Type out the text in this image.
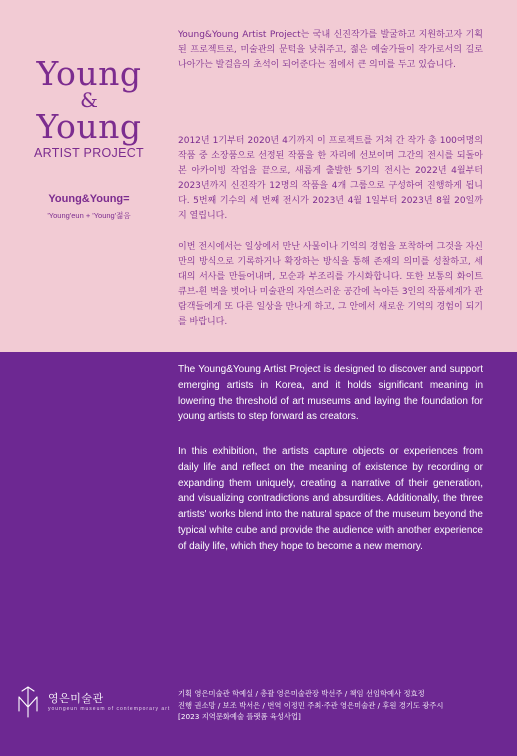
Young
&
Young
ARTIST PROJECT
Young&Young=
'Young'eun + 'Young'젊음

Young&Young Artist Project는 국내 신진작가를 발굴하고 지원하고자 기획된 프로젝트로, 미술관의 문턱을 낮춰주고, 젊은 예술가들이 작가로서의 길로 나아가는 발걸음의 초석이 되어준다는 점에서 큰 의미를 두고 있습니다.

2012년 1기부터 2020년 4기까지 이 프로젝트를 거쳐 간 작가 총 100여명의 작품 중 소장품으로 선정된 작품을 한 자리에 선보이며 그간의 전시를 되돌아본 아카이빙 작업을 끝으로, 새롭게 출발한 5기의 전시는 2022년 4월부터 2023년까지 신진작가 12명의 작품을 4개 그룹으로 구성하여 진행하게 됩니다. 5번째 기수의 세 번째 전시가 2023년 4월 1일부터 2023년 8월 20일까지 열립니다.

이번 전시에서는 일상에서 만난 사물이나 기억의 경험을 포착하여 그것을 자신만의 방식으로 기록하거나 확장하는 방식을 통해 존재의 의미를 성찰하고, 세대의 서사를 만들어내며, 모순과 부조리를 가시화합니다. 또한 보통의 화이트큐브-흰 벽을 벗어나 미술관의 자연스러운 공간에 녹아든 3인의 작품세계가 관람객들에게 또 다른 일상을 만나게 하고, 그 안에서 새로운 기억의 경험이 되기를 바랍니다.

The Young&Young Artist Project is designed to discover and support emerging artists in Korea, and it holds significant meaning in lowering the threshold of art museums and laying the foundation for young artists to step forward as creators.

In this exhibition, the artists capture objects or experiences from daily life and reflect on the meaning of existence by recording or expanding them uniquely, creating a narrative of their generation, and visualizing contradictions and absurdities. Additionally, the three artists' works blend into the natural space of the museum beyond the typical white cube and provide the audience with another experience of daily life, which they hope to become a new memory.

영은미술관
youngeun museum of contemporary art
기획 영은미술관 학예실 / 총괄 영은미술관장 박선주 / 책임 선임학예사 정효정
진행 권소망 / 보조 박서은 / 번역 이정민 주최·주관 영은미술관 / 후원 경기도 광주시
[2023 지역문화예술 플랫폼 육성사업]
